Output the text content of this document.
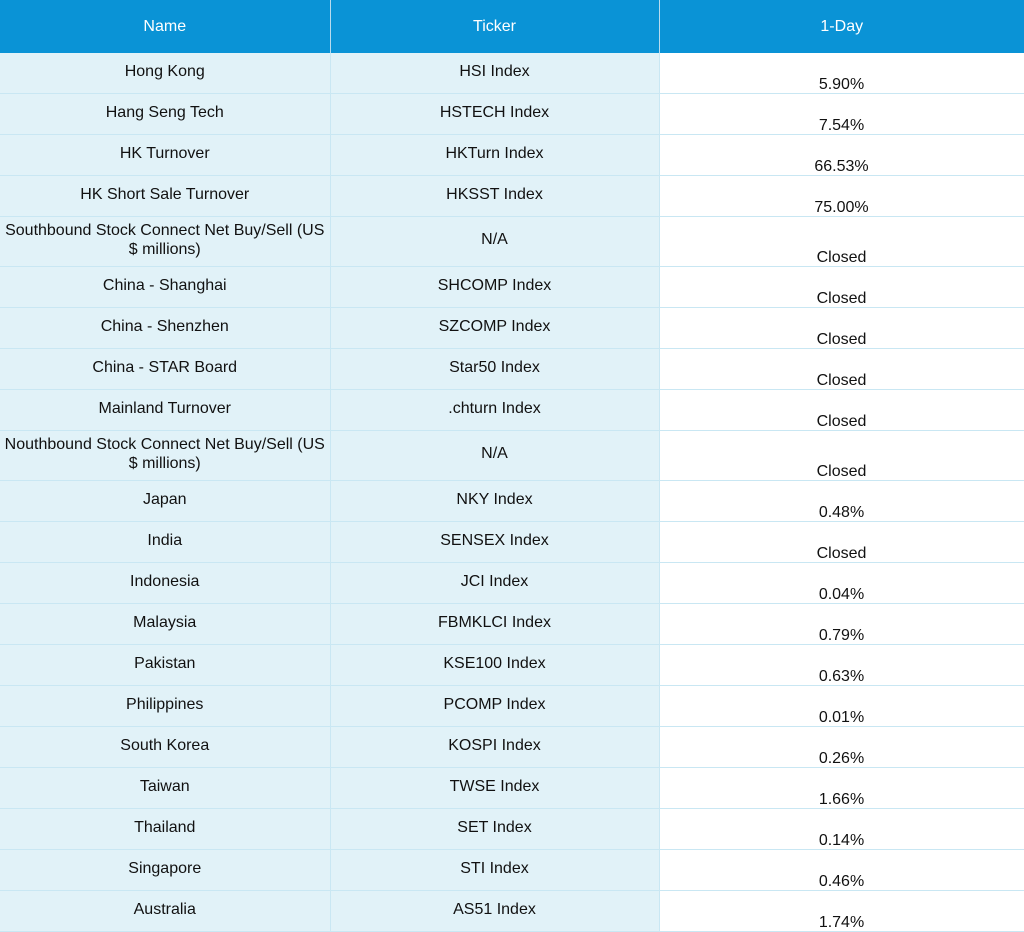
Name	Ticker	1-Day
Hong Kong	HSI Index	5.90%
Hang Seng Tech	HSTECH Index	7.54%
HK Turnover	HKTurn Index	66.53%
HK Short Sale Turnover	HKSST Index	75.00%
Southbound Stock Connect Net Buy/Sell (US $ millions)	N/A	Closed
China - Shanghai	SHCOMP Index	Closed
China - Shenzhen	SZCOMP Index	Closed
China - STAR Board	Star50 Index	Closed
Mainland Turnover	.chturn Index	Closed
Nouthbound Stock Connect Net Buy/Sell (US $ millions)	N/A	Closed
Japan	NKY Index	0.48%
India	SENSEX Index	Closed
Indonesia	JCI Index	0.04%
Malaysia	FBMKLCI Index	0.79%
Pakistan	KSE100 Index	0.63%
Philippines	PCOMP Index	0.01%
South Korea	KOSPI Index	0.26%
Taiwan	TWSE Index	1.66%
Thailand	SET Index	0.14%
Singapore	STI Index	0.46%
Australia	AS51 Index	1.74%
